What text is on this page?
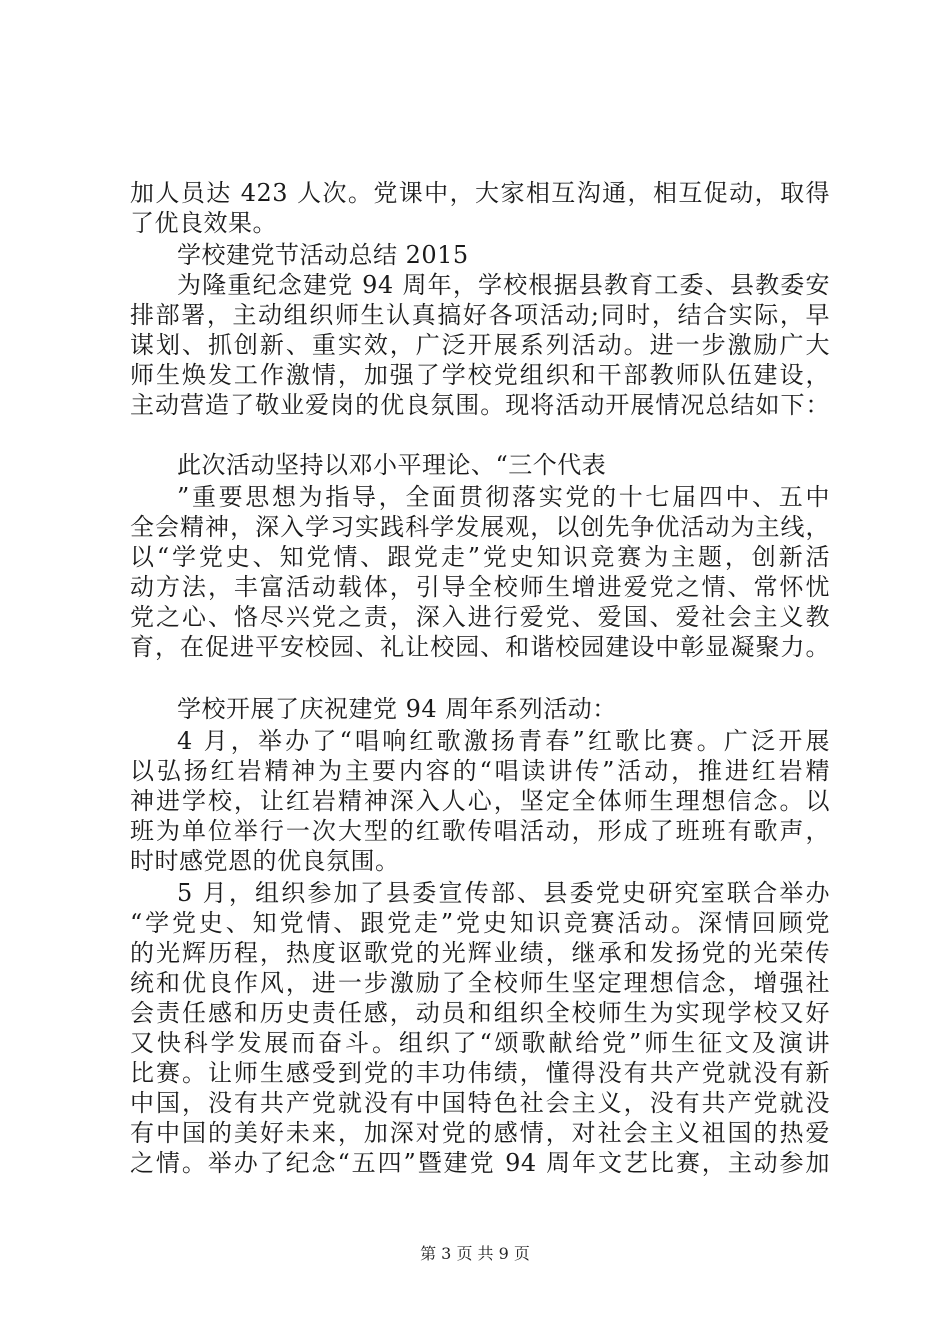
加人员达 423 人次。党课中，大家相互沟通，相互促动，取得
了优良效果。
学校建党节活动总结 2015
为隆重纪念建党 94 周年，学校根据县教育工委、县教委安
排部署，主动组织师生认真搞好各项活动;同时，结合实际，早
谋划、抓创新、重实效，广泛开展系列活动。进一步激励广大
师生焕发工作激情，加强了学校党组织和干部教师队伍建设，
主动营造了敬业爱岗的优良氛围。现将活动开展情况总结如下：
此次活动坚持以邓小平理论、“三个代表
”重要思想为指导，全面贯彻落实党的十七届四中、五中
全会精神，深入学习实践科学发展观，以创先争优活动为主线，
以“学党史、知党情、跟党走”党史知识竞赛为主题，创新活
动方法，丰富活动载体，引导全校师生增进爱党之情、常怀忧
党之心、恪尽兴党之责，深入进行爱党、爱国、爱社会主义教
育，在促进平安校园、礼让校园、和谐校园建设中彰显凝聚力。
学校开展了庆祝建党 94 周年系列活动：
4 月，举办了“唱响红歌激扬青春”红歌比赛。广泛开展
以弘扬红岩精神为主要内容的“唱读讲传”活动，推进红岩精
神进学校，让红岩精神深入人心，坚定全体师生理想信念。以
班为单位举行一次大型的红歌传唱活动，形成了班班有歌声，
时时感党恩的优良氛围。
5 月，组织参加了县委宣传部、县委党史研究室联合举办
“学党史、知党情、跟党走”党史知识竞赛活动。深情回顾党
的光辉历程，热度讴歌党的光辉业绩，继承和发扬党的光荣传
统和优良作风，进一步激励了全校师生坚定理想信念，增强社
会责任感和历史责任感，动员和组织全校师生为实现学校又好
又快科学发展而奋斗。组织了“颂歌献给党”师生征文及演讲
比赛。让师生感受到党的丰功伟绩，懂得没有共产党就没有新
中国，没有共产党就没有中国特色社会主义，没有共产党就没
有中国的美好未来，加深对党的感情，对社会主义祖国的热爱
之情。举办了纪念“五四”暨建党 94 周年文艺比赛，主动参加
第 3 页 共 9 页
